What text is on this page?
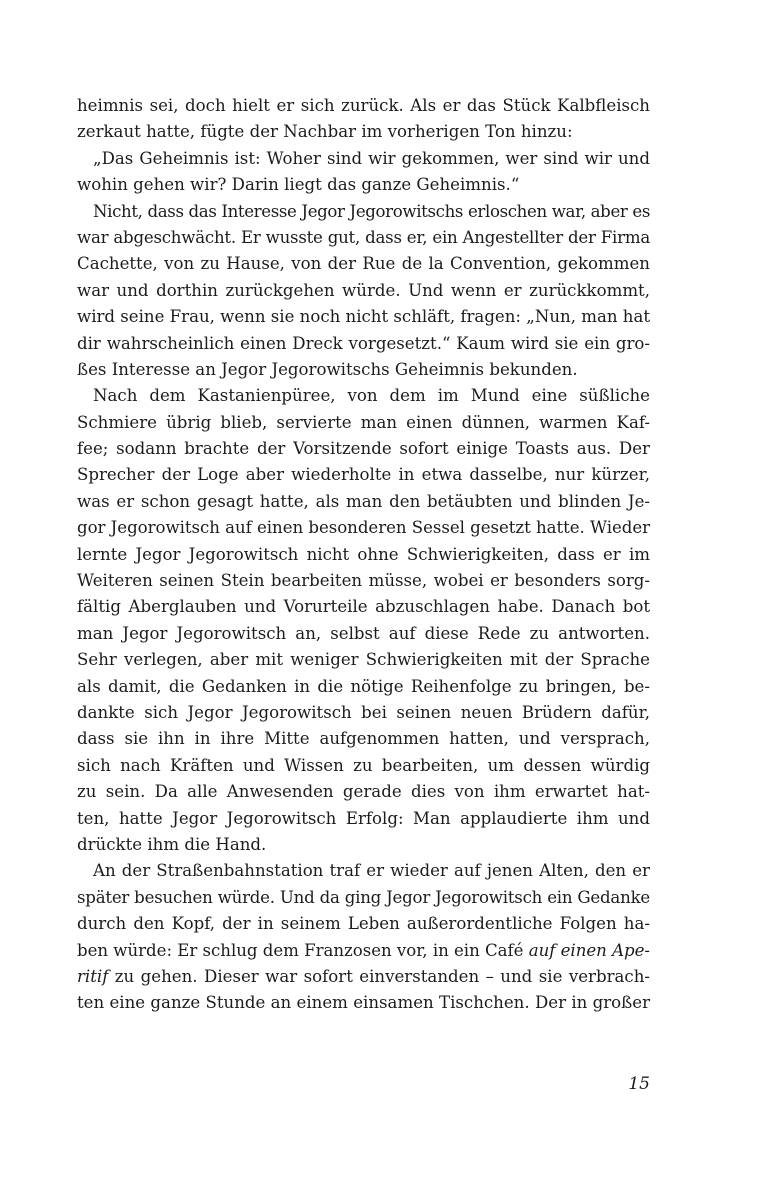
heimnis sei, doch hielt er sich zurück. Als er das Stück Kalbfleisch
zerkaut hatte, fügte der Nachbar im vorherigen Ton hinzu:
„Das Geheimnis ist: Woher sind wir gekommen, wer sind wir und
wohin gehen wir? Darin liegt das ganze Geheimnis.“
Nicht, dass das Interesse Jegor Jegorowitschs erloschen war, aber es
war abgeschwächt. Er wusste gut, dass er, ein Angestellter der Firma
Cachette, von zu Hause, von der Rue de la Convention, gekommen
war und dorthin zurückgehen würde. Und wenn er zurückkommt,
wird seine Frau, wenn sie noch nicht schläft, fragen: „Nun, man hat
dir wahrscheinlich einen Dreck vorgesetzt.“ Kaum wird sie ein gro-
ßes Interesse an Jegor Jegorowitschs Geheimnis bekunden.
Nach dem Kastanienpüree, von dem im Mund eine süßliche
Schmiere übrig blieb, servierte man einen dünnen, warmen Kaf-
fee; sodann brachte der Vorsitzende sofort einige Toasts aus. Der
Sprecher der Loge aber wiederholte in etwa dasselbe, nur kürzer,
was er schon gesagt hatte, als man den betäubten und blinden Je-
gor Jegorowitsch auf einen besonderen Sessel gesetzt hatte. Wieder
lernte Jegor Jegorowitsch nicht ohne Schwierigkeiten, dass er im
Weiteren seinen Stein bearbeiten müsse, wobei er besonders sorg-
fältig Aberglauben und Vorurteile abzuschlagen habe. Danach bot
man Jegor Jegorowitsch an, selbst auf diese Rede zu antworten.
Sehr verlegen, aber mit weniger Schwierigkeiten mit der Sprache
als damit, die Gedanken in die nötige Reihenfolge zu bringen, be-
dankte sich Jegor Jegorowitsch bei seinen neuen Brüdern dafür,
dass sie ihn in ihre Mitte aufgenommen hatten, und versprach,
sich nach Kräften und Wissen zu bearbeiten, um dessen würdig
zu sein. Da alle Anwesenden gerade dies von ihm erwartet hat-
ten, hatte Jegor Jegorowitsch Erfolg: Man applaudierte ihm und
drückte ihm die Hand.
An der Straßenbahnstation traf er wieder auf jenen Alten, den er
später besuchen würde. Und da ging Jegor Jegorowitsch ein Gedanke
durch den Kopf, der in seinem Leben außerordentliche Folgen ha-
ben würde: Er schlug dem Franzosen vor, in ein Café auf einen Ape-
ritif zu gehen. Dieser war sofort einverstanden – und sie verbrach-
ten eine ganze Stunde an einem einsamen Tischchen. Der in großer
15
